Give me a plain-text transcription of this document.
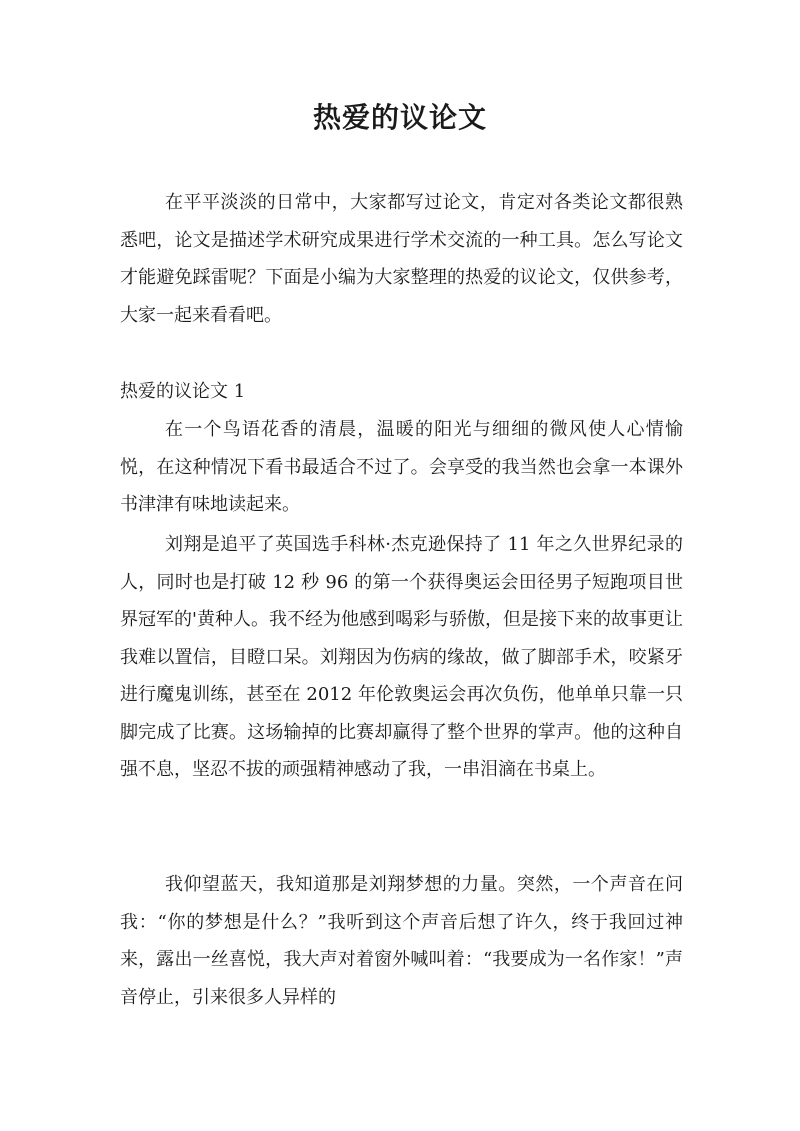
热爱的议论文

在平平淡淡的日常中，大家都写过论文，肯定对各类论文都很熟悉吧，论文是描述学术研究成果进行学术交流的一种工具。怎么写论文才能避免踩雷呢？下面是小编为大家整理的热爱的议论文，仅供参考，大家一起来看看吧。

热爱的议论文 1

在一个鸟语花香的清晨，温暖的阳光与细细的微风使人心情愉悦，在这种情况下看书最适合不过了。会享受的我当然也会拿一本课外书津津有味地读起来。

刘翔是追平了英国选手科林·杰克逊保持了 11 年之久世界纪录的人，同时也是打破 12 秒 96 的第一个获得奥运会田径男子短跑项目世界冠军的'黄种人。我不经为他感到喝彩与骄傲，但是接下来的故事更让我难以置信，目瞪口呆。刘翔因为伤病的缘故，做了脚部手术，咬紧牙进行魔鬼训练，甚至在 2012 年伦敦奥运会再次负伤，他单单只靠一只脚完成了比赛。这场输掉的比赛却赢得了整个世界的掌声。他的这种自强不息，坚忍不拔的顽强精神感动了我，一串泪滴在书桌上。

我仰望蓝天，我知道那是刘翔梦想的力量。突然，一个声音在问我：“你的梦想是什么？”我听到这个声音后想了许久，终于我回过神来，露出一丝喜悦，我大声对着窗外喊叫着：“我要成为一名作家！”声音停止，引来很多人异样的
